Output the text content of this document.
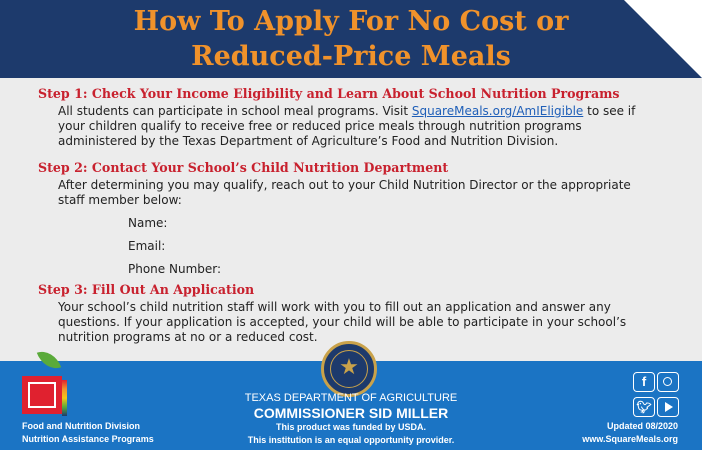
How To Apply For No Cost or
Reduced-Price Meals
Step 1: Check Your Income Eligibility and Learn About School Nutrition Programs
All students can participate in school meal programs. Visit SquareMeals.org/AmIEligible to see if your children qualify to receive free or reduced price meals through nutrition programs administered by the Texas Department of Agriculture’s Food and Nutrition Division.
Step 2: Contact Your School’s Child Nutrition Department
After determining you may qualify, reach out to your Child Nutrition Director or the appropriate staff member below:
Name:
Email:
Phone Number:
Step 3: Fill Out An Application
Your school’s child nutrition staff will work with you to fill out an application and answer any questions. If your application is accepted, your child will be able to participate in your school’s nutrition programs at no or a reduced cost.
Food and Nutrition Division
Nutrition Assistance Programs
★
TEXAS DEPARTMENT OF AGRICULTURE
COMMISSIONER SID MILLER
This product was funded by USDA.
This institution is an equal opportunity provider.
f
🐦︎
Updated 08/2020
www.SquareMeals.org
